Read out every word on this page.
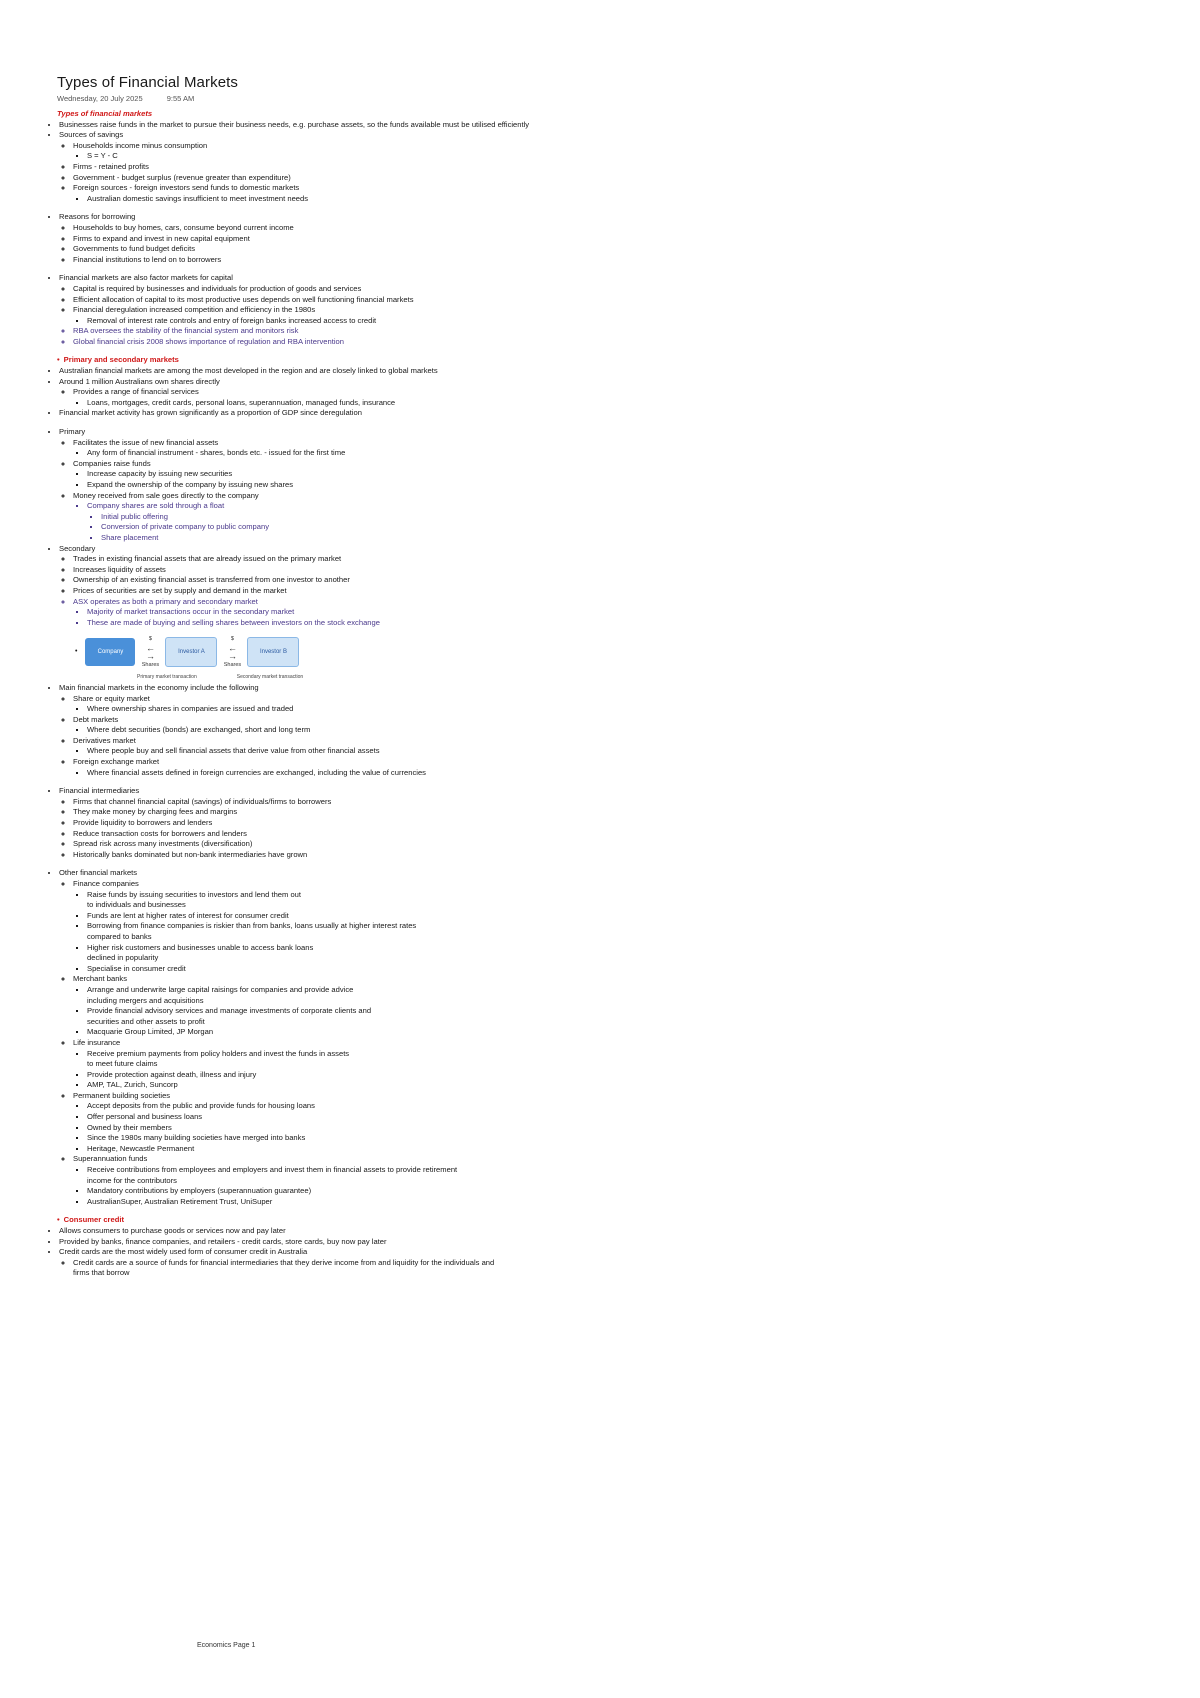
Types of Financial Markets
Wednesday, 20 July 2025	9:55 AM
Types of financial markets
• Businesses raise funds in the market to pursue their business needs, e.g. purchase assets, so the funds available must be utilised efficiently
• Sources of savings
◦ Households income minus consumption
▪ S = Y - C
◦ Firms - retained profits
◦ Government - budget surplus (revenue greater than expenditure)
◦ Foreign sources - foreign investors send funds to domestic markets
▪ Australian domestic savings insufficient to meet investment needs
• Reasons for borrowing
◦ Households to buy homes, cars, consume beyond current income
◦ Firms to expand and invest in new capital equipment
◦ Governments to fund budget deficits
◦ Financial institutions to lend on to borrowers
• Financial markets are also factor markets for capital
◦ Capital is required by businesses and individuals for production of goods and services
◦ Efficient allocation of capital to its most productive uses depends on well functioning financial markets
◦ Financial deregulation increased competition and efficiency in the 1980s
▪ Removal of interest rate controls and entry of foreign banks increased access to credit
◦ RBA oversees the stability of the financial system and monitors risk
◦ Global financial crisis 2008 shows importance of regulation and RBA intervention
• Primary and secondary markets
• Australian financial markets are among the most developed in the region and are closely linked to global markets
• Around 1 million Australians own shares directly
◦ Provides a range of financial services
▪ Loans, mortgages, credit cards, personal loans, superannuation, managed funds, insurance
• Financial market activity has grown significantly as a proportion of GDP since deregulation
• Primary
◦ Facilitates the issue of new financial assets
▪ Any form of financial instrument - shares, bonds etc. - issued for the first time
◦ Companies raise funds
▪ Increase capacity by issuing new securities
▪ Expand the ownership of the company by issuing new shares
◦ Money received from sale goes directly to the company
▪ Company shares are sold through a float
▪ Initial public offering
▪ Conversion of private company to public company
▪ Share placement
• Secondary
◦ Trades in existing financial assets that are already issued on the primary market
◦ Increases liquidity of assets
◦ Ownership of an existing financial asset is transferred from one investor to another
◦ Prices of securities are set by supply and demand in the market
◦ ASX operates as both a primary and secondary market
▪ Majority of market transactions occur in the secondary market
▪ These are made of buying and selling shares between investors on the stock exchange
•	Company
$
←
→
Shares
Investor A
$
←
→
Shares
Investor B
Primary market transaction	Secondary market transaction
• Main financial markets in the economy include the following
◦ Share or equity market
▪ Where ownership shares in companies are issued and traded
◦ Debt markets
▪ Where debt securities (bonds) are exchanged, short and long term
◦ Derivatives market
▪ Where people buy and sell financial assets that derive value from other financial assets
◦ Foreign exchange market
▪ Where financial assets defined in foreign currencies are exchanged, including the value of currencies
• Financial intermediaries
◦ Firms that channel financial capital (savings) of individuals/firms to borrowers
◦ They make money by charging fees and margins
◦ Provide liquidity to borrowers and lenders
◦ Reduce transaction costs for borrowers and lenders
◦ Spread risk across many investments (diversification)
◦ Historically banks dominated but non-bank intermediaries have grown
• Other financial markets
◦ Finance companies
▪ Raise funds by issuing securities to investors and lend them out
to individuals and businesses
▪ Funds are lent at higher rates of interest for consumer credit
▪ Borrowing from finance companies is riskier than from banks, loans usually at higher interest rates
compared to banks
▪ Higher risk customers and businesses unable to access bank loans
declined in popularity
▪ Specialise in consumer credit
◦ Merchant banks
▪ Arrange and underwrite large capital raisings for companies and provide advice
including mergers and acquisitions
▪ Provide financial advisory services and manage investments of corporate clients and
securities and other assets to profit
▪ Macquarie Group Limited, JP Morgan
◦ Life insurance
▪ Receive premium payments from policy holders and invest the funds in assets
to meet future claims
▪ Provide protection against death, illness and injury
▪ AMP, TAL, Zurich, Suncorp
◦ Permanent building societies
▪ Accept deposits from the public and provide funds for housing loans
▪ Offer personal and business loans
▪ Owned by their members
▪ Since the 1980s many building societies have merged into banks
▪ Heritage, Newcastle Permanent
◦ Superannuation funds
▪ Receive contributions from employees and employers and invest them in financial assets to provide retirement
income for the contributors
▪ Mandatory contributions by employers (superannuation guarantee)
▪ AustralianSuper, Australian Retirement Trust, UniSuper
• Consumer credit
• Allows consumers to purchase goods or services now and pay later
• Provided by banks, finance companies, and retailers - credit cards, store cards, buy now pay later
• Credit cards are the most widely used form of consumer credit in Australia
◦ Credit cards are a source of funds for financial intermediaries that they derive income from and liquidity for the individuals and
firms that borrow
Economics Page 1
